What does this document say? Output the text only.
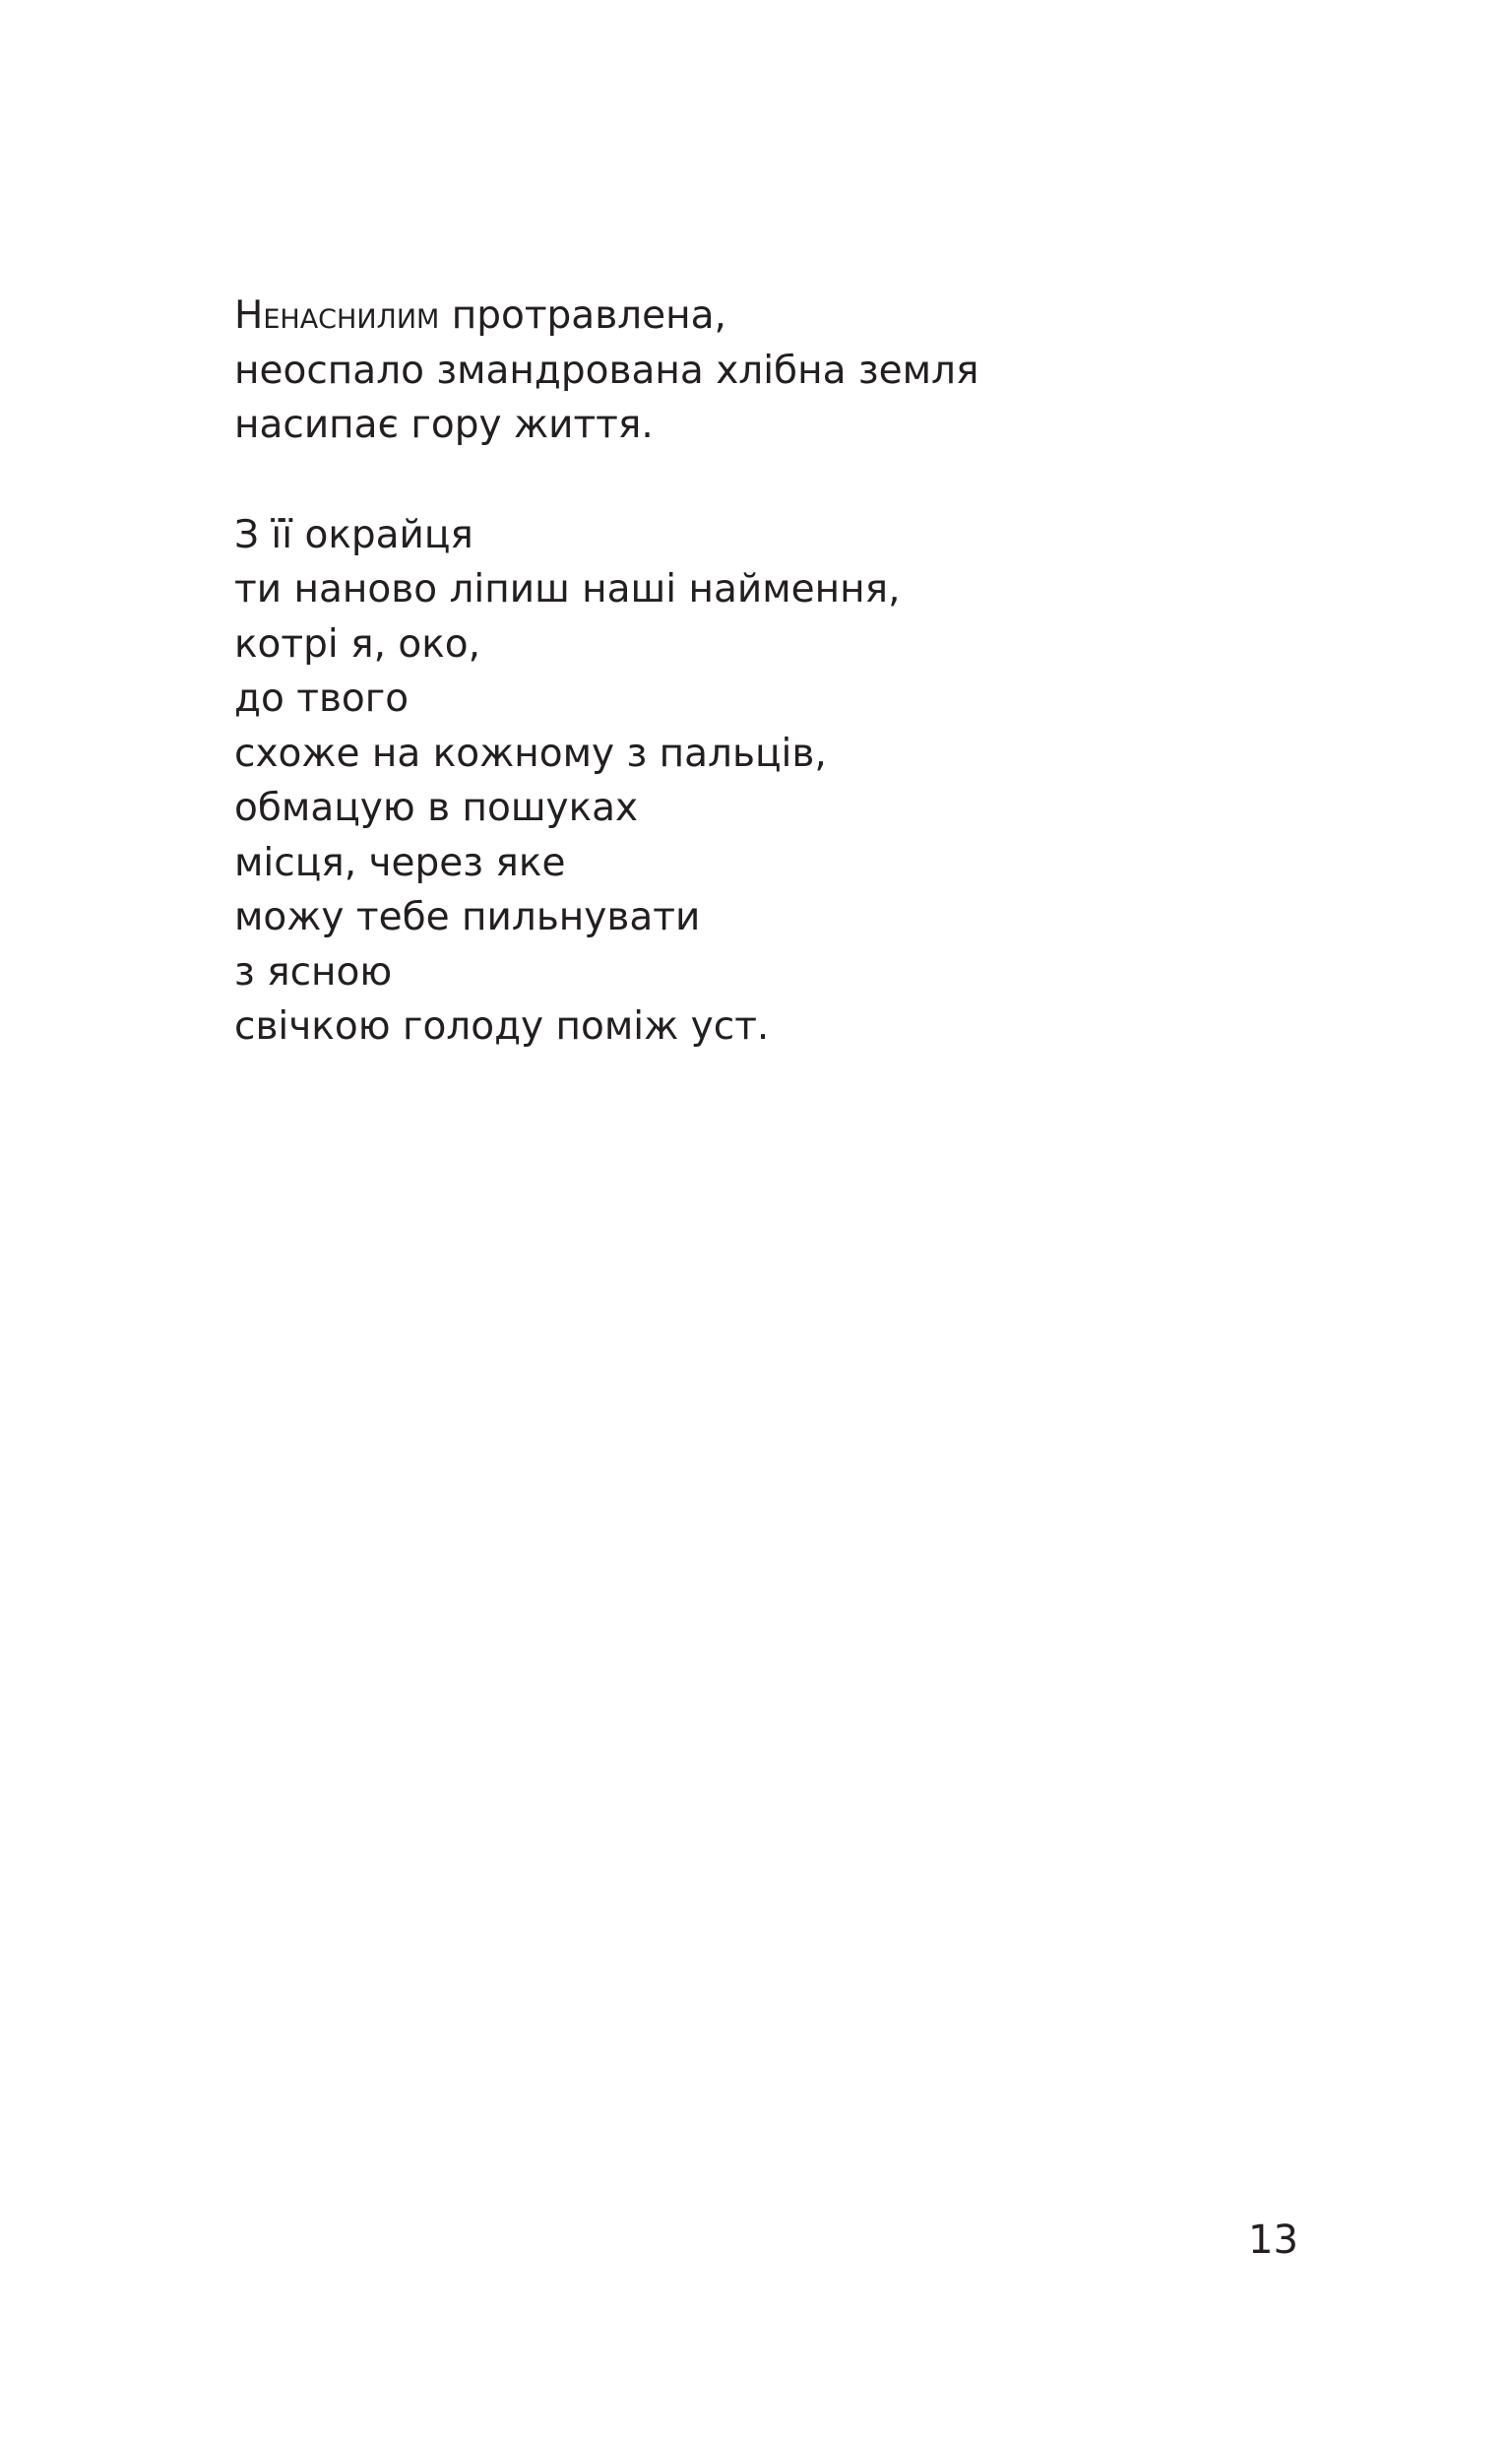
Ненаснилим протравлена,
неоспало змандрована хлібна земля
насипає гору життя.
З її окрайця
ти наново ліпиш наші наймення,
котрі я, око,
до твого
схоже на кожному з пальців,
обмацую в пошуках
місця, через яке
можу тебе пильнувати
з ясною
свічкою голоду поміж уст.
13
